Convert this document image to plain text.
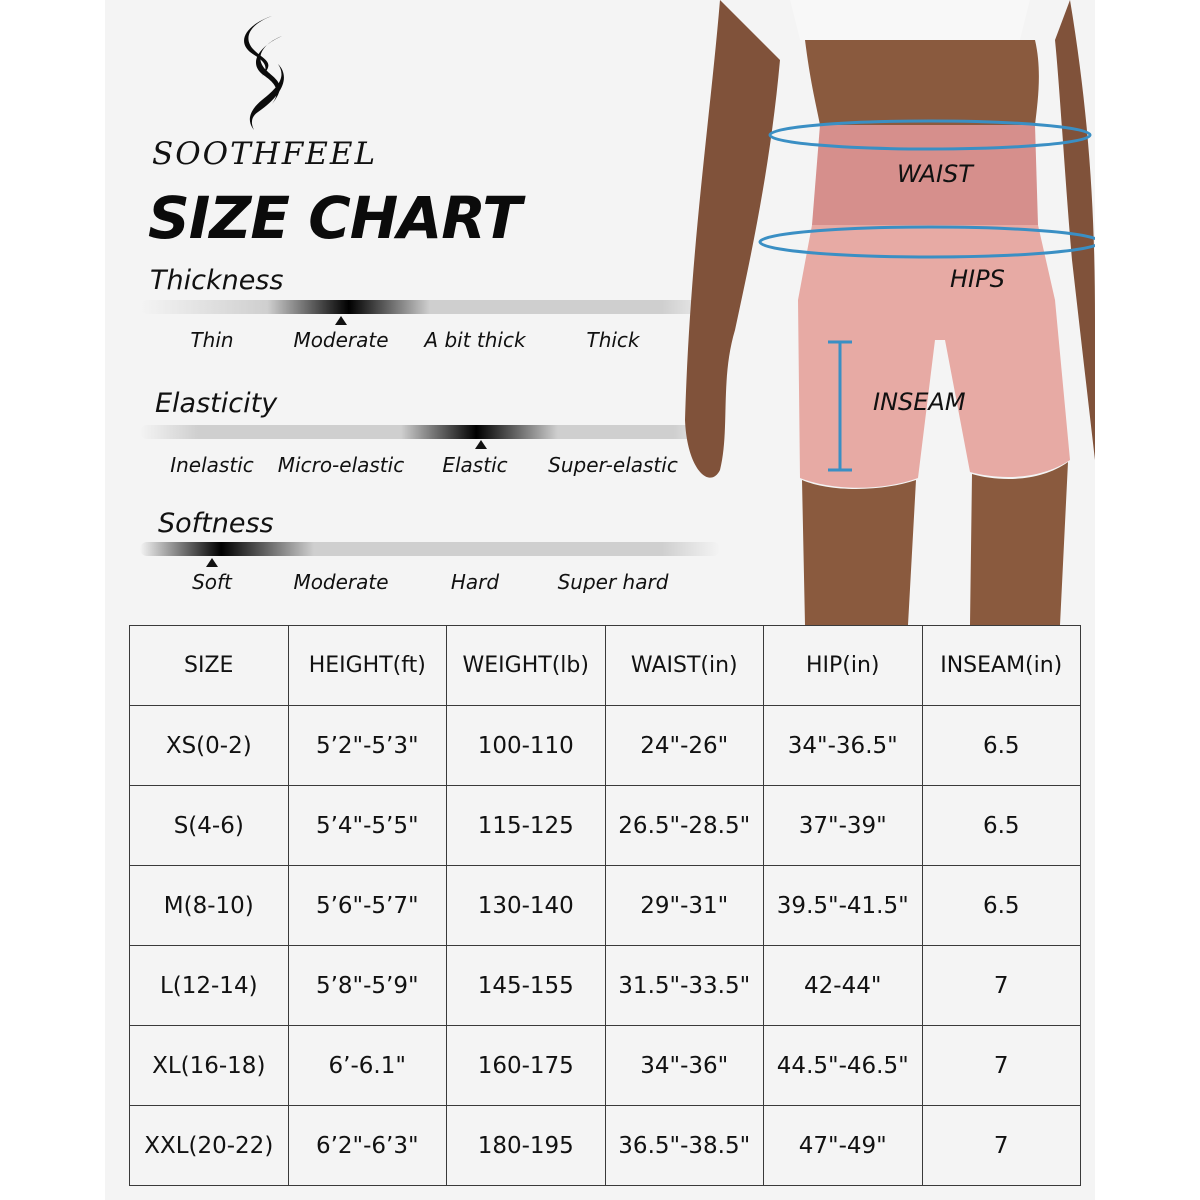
SOOTHFEEL
SIZE CHART
Thickness
Thin	Moderate	A bit thick	Thick
Elasticity
Inelastic	Micro-elastic	Elastic	Super-elastic
Softness
Soft	Moderate	Hard	Super hard
WAIST
HIPS
INSEAM
SIZE	HEIGHT(ft)	WEIGHT(lb)	WAIST(in)	HIP(in)	INSEAM(in)
XS(0-2)	5’2"-5’3"	100-110	24"-26"	34"-36.5"	6.5
S(4-6)	5’4"-5’5"	115-125	26.5"-28.5"	37"-39"	6.5
M(8-10)	5’6"-5’7"	130-140	29"-31"	39.5"-41.5"	6.5
L(12-14)	5’8"-5’9"	145-155	31.5"-33.5"	42-44"	7
XL(16-18)	6’-6.1"	160-175	34"-36"	44.5"-46.5"	7
XXL(20-22)	6’2"-6’3"	180-195	36.5"-38.5"	47"-49"	7
